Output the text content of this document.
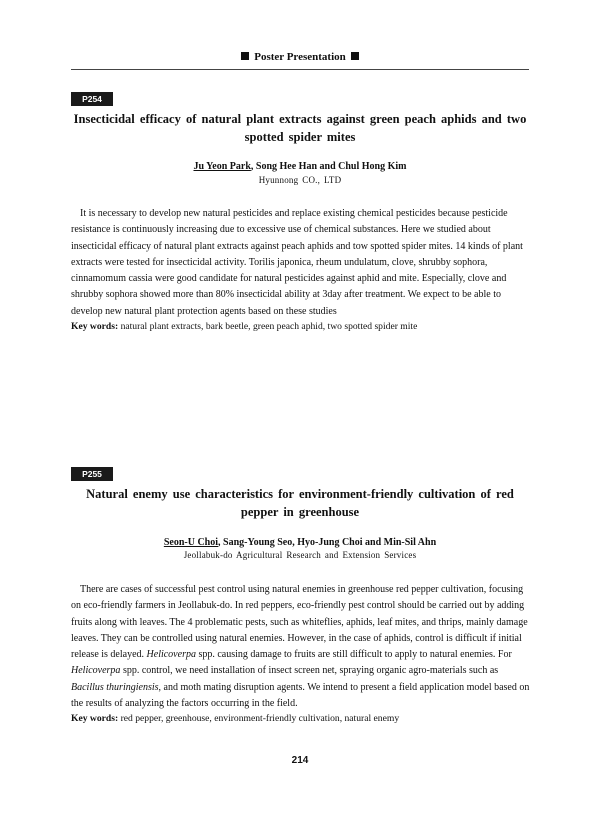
Poster Presentation
P254
Insecticidal efficacy of natural plant extracts against green peach aphids and two spotted spider mites
Ju Yeon Park, Song Hee Han and Chul Hong Kim
Hyunnong CO., LTD

It is necessary to develop new natural pesticides and replace existing chemical pesticides because pesticide resistance is continuously increasing due to excessive use of chemical substances. Here we studied about insecticidal efficacy of natural plant extracts against peach aphids and tow spotted spider mites. 14 kinds of plant extracts were tested for insecticidal activity. Torilis japonica, rheum undulatum, clove, shrubby sophora, cinnamomum cassia were good candidate for natural pesticides against aphid and mite. Especially, clove and shrubby sophora showed more than 80% insecticidal ability at 3day after treatment. We expect to be able to develop new natural plant protection agents based on these studies

Key words: natural plant extracts, bark beetle, green peach aphid, two spotted spider mite
P255
Natural enemy use characteristics for environment-friendly cultivation of red pepper in greenhouse
Seon-U Choi, Sang-Young Seo, Hyo-Jung Choi and Min-Sil Ahn
Jeollabuk-do Agricultural Research and Extension Services

There are cases of successful pest control using natural enemies in greenhouse red pepper cultivation, focusing on eco-friendly farmers in Jeollabuk-do. In red peppers, eco-friendly pest control should be carried out by adding fruits along with leaves. The 4 problematic pests, such as whiteflies, aphids, leaf mites, and thrips, mainly damage leaves. They can be controlled using natural enemies. However, in the case of aphids, control is difficult if initial release is delayed. Helicoverpa spp. causing damage to fruits are still difficult to apply to natural enemies. For Helicoverpa spp. control, we need installation of insect screen net, spraying organic agro-materials such as Bacillus thuringiensis, and moth mating disruption agents. We intend to present a field application model based on the results of analyzing the factors occurring in the field.

Key words: red pepper, greenhouse, environment-friendly cultivation, natural enemy
214
